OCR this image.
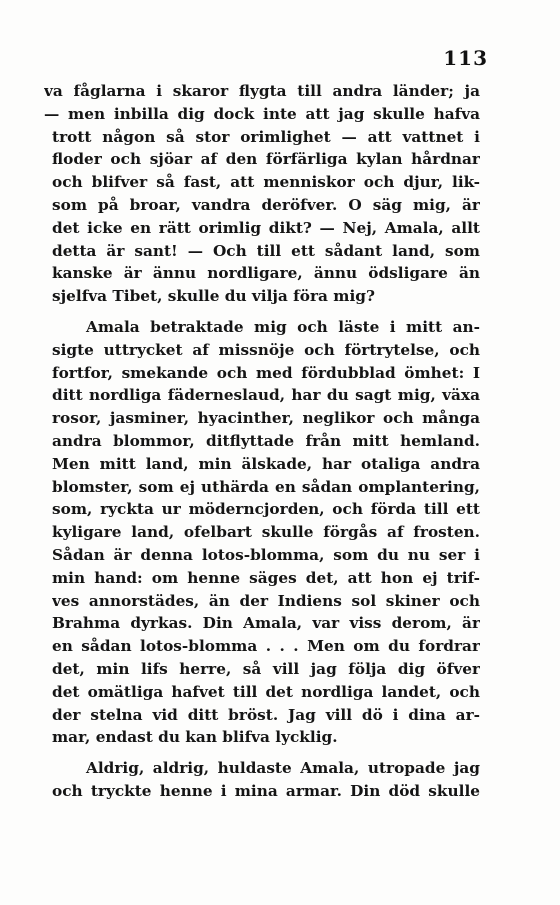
113
va fåglarna i skaror flygta till andra länder; ja
— men inbilla dig dock inte att jag skulle hafva
trott någon så stor orimlighet — att vattnet i
floder och sjöar af den förfärliga kylan hårdnar
och blifver så fast, att menniskor och djur, lik-
som på broar, vandra deröfver. O säg mig, är
det icke en rätt orimlig dikt? — Nej, Amala, allt
detta är sant! — Och till ett sådant land, som
kanske är ännu nordligare, ännu ödsligare än
sjelfva Tibet, skulle du vilja föra mig?
Amala betraktade mig och läste i mitt an-
sigte uttrycket af missnöje och förtrytelse, och
fortfor, smekande och med fördubblad ömhet: I
ditt nordliga fäderneslaud, har du sagt mig, växa
rosor, jasminer, hyacinther, neglikor och många
andra blommor, ditflyttade från mitt hemland.
Men mitt land, min älskade, har otaliga andra
blomster, som ej uthärda en sådan omplantering,
som, ryckta ur möderncjorden, och förda till ett
kyligare land, ofelbart skulle förgås af frosten.
Sådan är denna lotos-blomma, som du nu ser i
min hand: om henne säges det, att hon ej trif-
ves annorstädes, än der Indiens sol skiner och
Brahma dyrkas. Din Amala, var viss derom, är
en sådan lotos-blomma . . . Men om du fordrar
det, min lifs herre, så vill jag följa dig öfver
det omätliga hafvet till det nordliga landet, och
der stelna vid ditt bröst. Jag vill dö i dina ar-
mar, endast du kan blifva lycklig.
Aldrig, aldrig, huldaste Amala, utropade jag
och tryckte henne i mina armar. Din död skulle
